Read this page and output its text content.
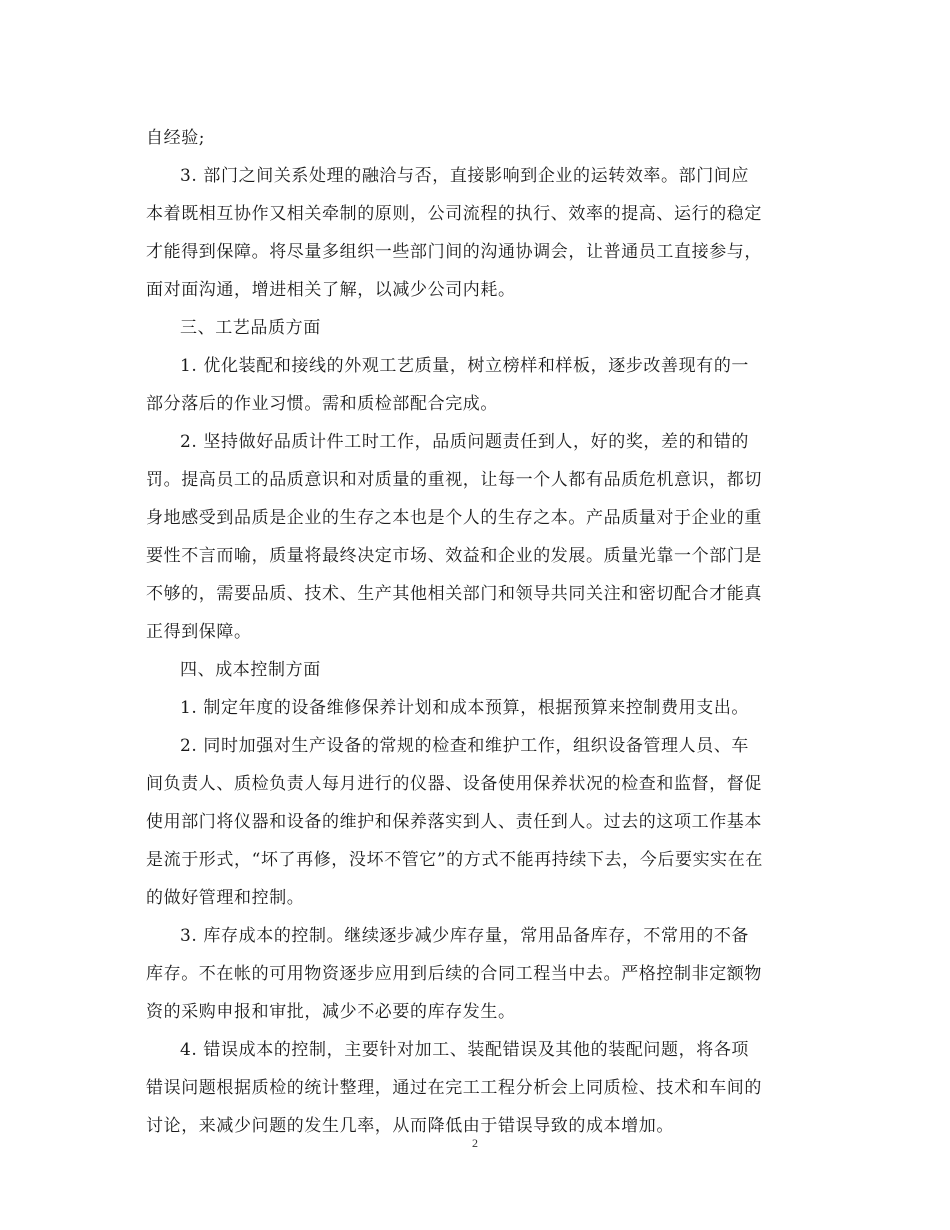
自经验;
3. 部门之间关系处理的融洽与否，直接影响到企业的运转效率。部门间应
本着既相互协作又相关牵制的原则，公司流程的执行、效率的提高、运行的稳定
才能得到保障。将尽量多组织一些部门间的沟通协调会，让普通员工直接参与，
面对面沟通，增进相关了解，以减少公司内耗。
三、工艺品质方面
1. 优化装配和接线的外观工艺质量，树立榜样和样板，逐步改善现有的一
部分落后的作业习惯。需和质检部配合完成。
2. 坚持做好品质计件工时工作，品质问题责任到人，好的奖，差的和错的
罚。提高员工的品质意识和对质量的重视，让每一个人都有品质危机意识，都切
身地感受到品质是企业的生存之本也是个人的生存之本。产品质量对于企业的重
要性不言而喻，质量将最终决定市场、效益和企业的发展。质量光靠一个部门是
不够的，需要品质、技术、生产其他相关部门和领导共同关注和密切配合才能真
正得到保障。
四、成本控制方面
1. 制定年度的设备维修保养计划和成本预算，根据预算来控制费用支出。
2. 同时加强对生产设备的常规的检查和维护工作，组织设备管理人员、车
间负责人、质检负责人每月进行的仪器、设备使用保养状况的检查和监督，督促
使用部门将仪器和设备的维护和保养落实到人、责任到人。过去的这项工作基本
是流于形式，“坏了再修，没坏不管它”的方式不能再持续下去，今后要实实在在
的做好管理和控制。
3. 库存成本的控制。继续逐步减少库存量，常用品备库存，不常用的不备
库存。不在帐的可用物资逐步应用到后续的合同工程当中去。严格控制非定额物
资的采购申报和审批，减少不必要的库存发生。
4. 错误成本的控制，主要针对加工、装配错误及其他的装配问题，将各项
错误问题根据质检的统计整理，通过在完工工程分析会上同质检、技术和车间的
讨论，来减少问题的发生几率，从而降低由于错误导致的成本增加。
2
